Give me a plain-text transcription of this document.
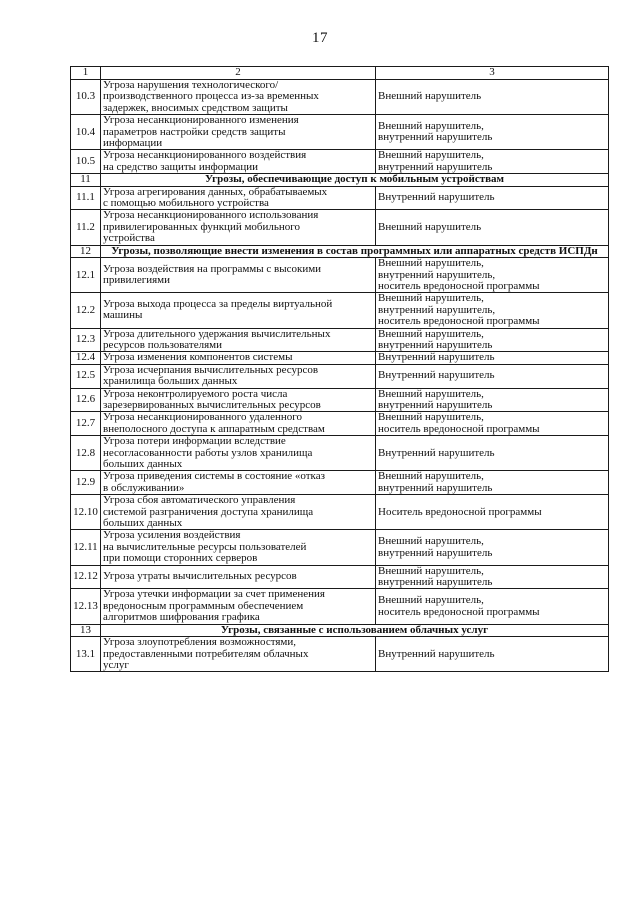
17
1	2	3
10.3	Угроза нарушения технологического/
производственного процесса из-за временных
задержек, вносимых средством защиты	Внешний нарушитель
10.4	Угроза несанкционированного изменения
параметров настройки средств защиты
информации	Внешний нарушитель,
внутренний нарушитель
10.5	Угроза несанкционированного воздействия
на средство защиты информации	Внешний нарушитель,
внутренний нарушитель
11	Угрозы, обеспечивающие доступ к мобильным устройствам	
11.1	Угроза агрегирования данных, обрабатываемых
с помощью мобильного устройства	Внутренний нарушитель
11.2	Угроза несанкционированного использования
привилегированных функций мобильного
устройства	Внешний нарушитель
12	Угрозы, позволяющие внести изменения в состав программных или аппаратных средств ИСПДн	
12.1	Угроза воздействия на программы с высокими
привилегиями	Внешний нарушитель,
внутренний нарушитель,
носитель вредоносной программы
12.2	Угроза выхода процесса за пределы виртуальной
машины	Внешний нарушитель,
внутренний нарушитель,
носитель вредоносной программы
12.3	Угроза длительного удержания вычислительных
ресурсов пользователями	Внешний нарушитель,
внутренний нарушитель
12.4	Угроза изменения компонентов системы	Внутренний нарушитель
12.5	Угроза исчерпания вычислительных ресурсов
хранилища больших данных	Внутренний нарушитель
12.6	Угроза неконтролируемого роста числа
зарезервированных вычислительных ресурсов	Внешний нарушитель,
внутренний нарушитель
12.7	Угроза несанкционированного удаленного
внеполосного доступа к аппаратным средствам	Внешний нарушитель,
носитель вредоносной программы
12.8	Угроза потери информации вследствие
несогласованности работы узлов хранилища
больших данных	Внутренний нарушитель
12.9	Угроза приведения системы в состояние «отказ
в обслуживании»	Внешний нарушитель,
внутренний нарушитель
12.10	Угроза сбоя автоматического управления
системой разграничения доступа хранилища
больших данных	Носитель вредоносной программы
12.11	Угроза усиления воздействия
на вычислительные ресурсы пользователей
при помощи сторонних серверов	Внешний нарушитель,
внутренний нарушитель
12.12	Угроза утраты вычислительных ресурсов	Внешний нарушитель,
внутренний нарушитель
12.13	Угроза утечки информации за счет применения
вредоносным программным обеспечением
алгоритмов шифрования графика	Внешний нарушитель,
носитель вредоносной программы
13	Угрозы, связанные с использованием облачных услуг	
13.1	Угроза злоупотребления возможностями,
предоставленными потребителям облачных
услуг	Внутренний нарушитель
